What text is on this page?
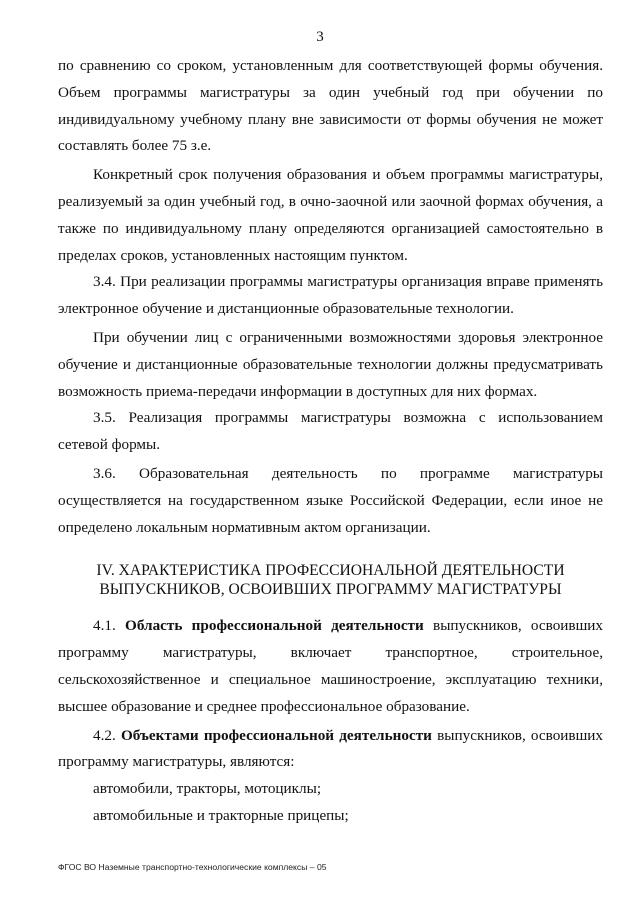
3

по сравнению со сроком, установленным для соответствующей формы обучения. Объем программы магистратуры за один учебный год при обучении по индивидуальному учебному плану вне зависимости от формы обучения не может составлять более 75 з.е.

Конкретный срок получения образования и объем программы магистратуры, реализуемый за один учебный год, в очно-заочной или заочной формах обучения, а также по индивидуальному плану определяются организацией самостоятельно в пределах сроков, установленных настоящим пунктом.

3.4. При реализации программы магистратуры организация вправе применять электронное обучение и дистанционные образовательные технологии.

При обучении лиц с ограниченными возможностями здоровья электронное обучение и дистанционные образовательные технологии должны предусматривать возможность приема-передачи информации в доступных для них формах.

3.5. Реализация программы магистратуры возможна с использованием сетевой формы.

3.6. Образовательная деятельность по программе магистратуры осуществляется на государственном языке Российской Федерации, если иное не определено локальным нормативным актом организации.

IV. ХАРАКТЕРИСТИКА ПРОФЕССИОНАЛЬНОЙ ДЕЯТЕЛЬНОСТИ
ВЫПУСКНИКОВ, ОСВОИВШИХ ПРОГРАММУ МАГИСТРАТУРЫ

4.1. Область профессиональной деятельности выпускников, освоивших программу магистратуры, включает транспортное, строительное, сельскохозяйственное и специальное машиностроение, эксплуатацию техники, высшее образование и среднее профессиональное образование.

4.2. Объектами профессиональной деятельности выпускников, освоивших программу магистратуры, являются:

автомобили, тракторы, мотоциклы;

автомобильные и тракторные прицепы;

ФГОС ВО Наземные транспортно-технологические комплексы – 05
